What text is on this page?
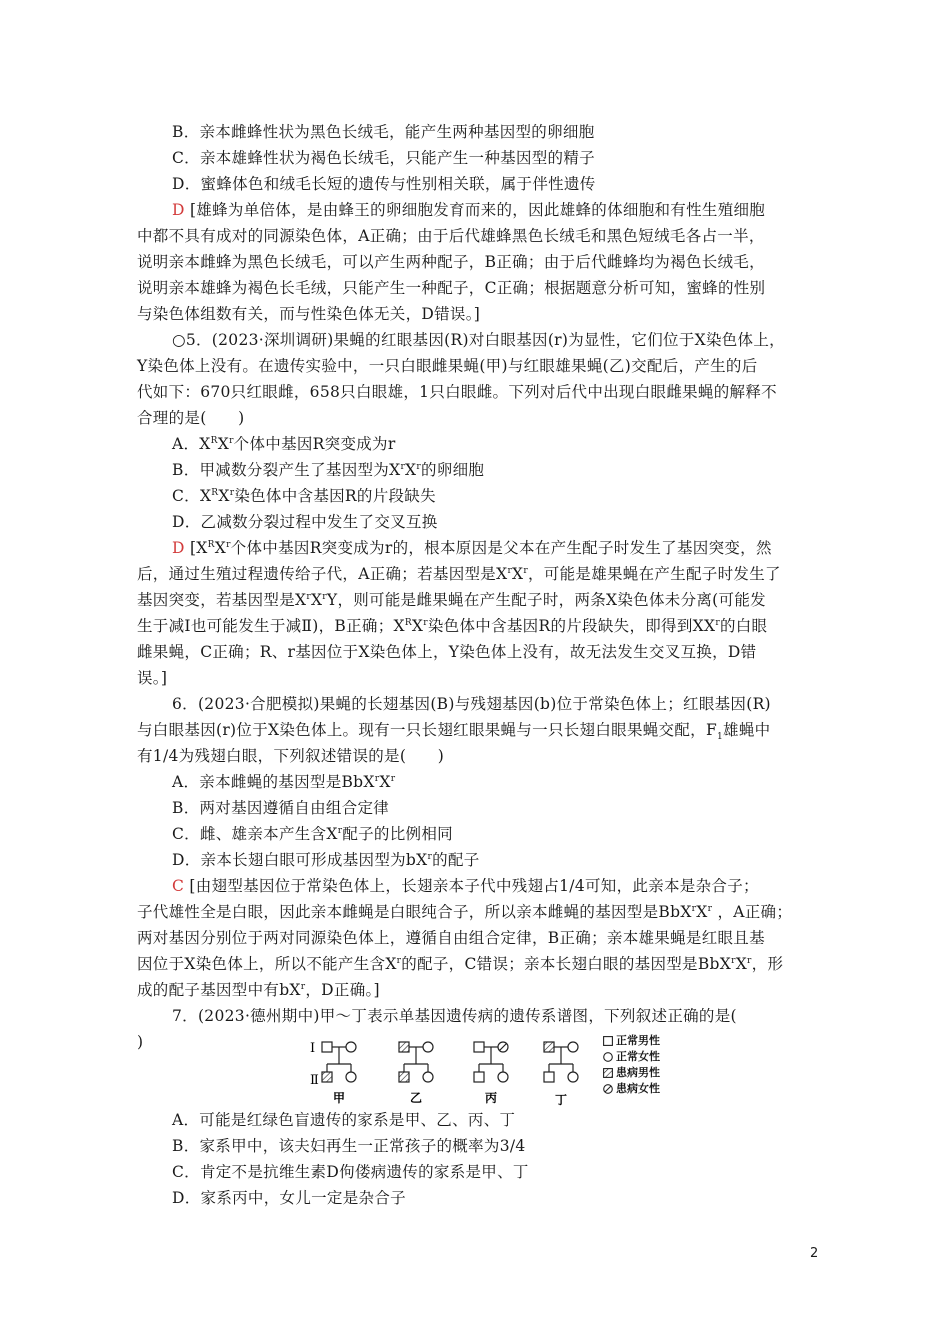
B．亲本雌蜂性状为黑色长绒毛，能产生两种基因型的卵细胞
C．亲本雄蜂性状为褐色长绒毛，只能产生一种基因型的精子
D．蜜蜂体色和绒毛长短的遗传与性别相关联，属于伴性遗传
D [雄蜂为单倍体，是由蜂王的卵细胞发育而来的，因此雄蜂的体细胞和有性生殖细胞
中都不具有成对的同源染色体，A正确；由于后代雄蜂黑色长绒毛和黑色短绒毛各占一半，
说明亲本雌蜂为黑色长绒毛，可以产生两种配子，B正确；由于后代雌蜂均为褐色长绒毛，
说明亲本雄蜂为褐色长毛绒，只能产生一种配子，C正确；根据题意分析可知，蜜蜂的性别
与染色体组数有关，而与性染色体无关，D错误。]
○5．(2023·深圳调研)果蝇的红眼基因(R)对白眼基因(r)为显性，它们位于X染色体上，
Y染色体上没有。在遗传实验中，一只白眼雌果蝇(甲)与红眼雄果蝇(乙)交配后，产生的后
代如下：670只红眼雌，658只白眼雄，1只白眼雌。下列对后代中出现白眼雌果蝇的解释不
合理的是(　　)
A．$X^RX^r$个体中基因R突变成为r
B．甲减数分裂产生了基因型为$X^rX^r$的卵细胞
C．$X^RX^r$染色体中含基因R的片段缺失
D．乙减数分裂过程中发生了交叉互换
D [$X^RX^r$个体中基因R突变成为r的，根本原因是父本在产生配子时发生了基因突变，然
后，通过生殖过程遗传给子代，A正确；若基因型是$X^rX^r$，可能是雄果蝇在产生配子时发生了
基因突变，若基因型是$X^rX^rY$，则可能是雌果蝇在产生配子时，两条X染色体未分离(可能发
生于减Ⅰ也可能发生于减Ⅱ)，B正确；$X^RX^r$染色体中含基因R的片段缺失，即得到$XX^r$的白眼
雌果蝇，C正确；R、r基因位于X染色体上，Y染色体上没有，故无法发生交叉互换，D错
误。]
6．(2023·合肥模拟)果蝇的长翅基因(B)与残翅基因(b)位于常染色体上；红眼基因(R)
与白眼基因(r)位于X染色体上。现有一只长翅红眼果蝇与一只长翅白眼果蝇交配，$F_1$雄蝇中
有1/4为残翅白眼，下列叙述错误的是(　　)
A．亲本雌蝇的基因型是$BbX^rX^r$
B．两对基因遵循自由组合定律
C．雌、雄亲本产生含$X^r$配子的比例相同
D．亲本长翅白眼可形成基因型为$bX^r$的配子
C [由翅型基因位于常染色体上，长翅亲本子代中残翅占1/4可知，此亲本是杂合子；
子代雄性全是白眼，因此亲本雌蝇是白眼纯合子，所以亲本雌蝇的基因型是$BbX^rX^r$ ，A正确；
两对基因分别位于两对同源染色体上，遵循自由组合定律，B正确；亲本雄果蝇是红眼且基
因位于X染色体上，所以不能产生含$X^r$的配子，C错误；亲本长翅白眼的基因型是$BbX^rX^r$，形
成的配子基因型中有$bX^r$，D正确。]
7．(2023·德州期中)甲～丁表示单基因遗传病的遗传系谱图，下列叙述正确的是(
)	Ⅰ
Ⅱ
甲	乙	丙	丁
正常男性
正常女性
患病男性
患病女性
A．可能是红绿色盲遗传的家系是甲、乙、丙、丁
B．家系甲中，该夫妇再生一正常孩子的概率为3/4
C．肯定不是抗维生素D佝偻病遗传的家系是甲、丁
D．家系丙中，女儿一定是杂合子
2
